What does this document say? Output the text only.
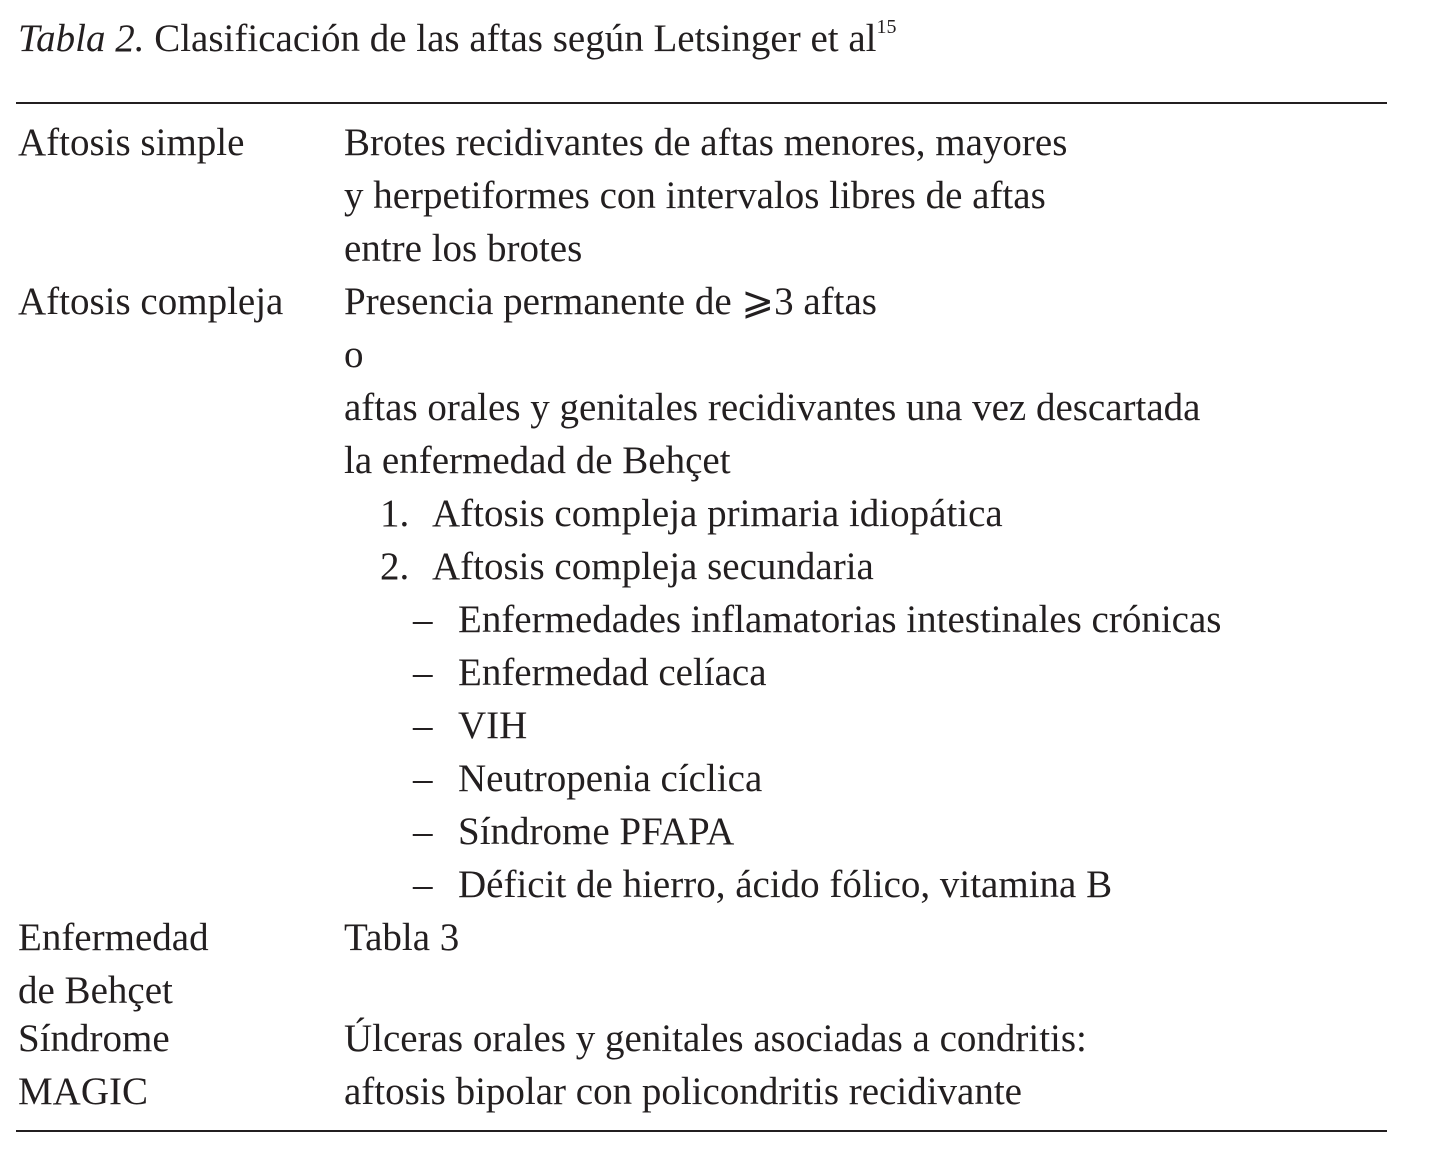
Tabla 2. Clasificación de las aftas según Letsinger et $al^{15}$
Aftosis simple	Brotes recidivantes de aftas menores, mayores
y herpetiformes con intervalos libres de aftas
entre los brotes
Aftosis compleja Presencia permanente de ⩾3 aftas
o
aftas orales y genitales recidivantes una vez descartada
la enfermedad de Behçet
1. Aftosis compleja primaria idiopática
2. Aftosis compleja secundaria
– Enfermedades inflamatorias intestinales crónicas
– Enfermedad celíaca
– VIH
– Neutropenia cíclica
– Síndrome PFAPA
– Déficit de hierro, ácido fólico, vitamina B
Enfermedad
de Behçet
Tabla 3
Síndrome
MAGIC
Úlceras orales y genitales asociadas a condritis:
aftosis bipolar con policondritis recidivante
